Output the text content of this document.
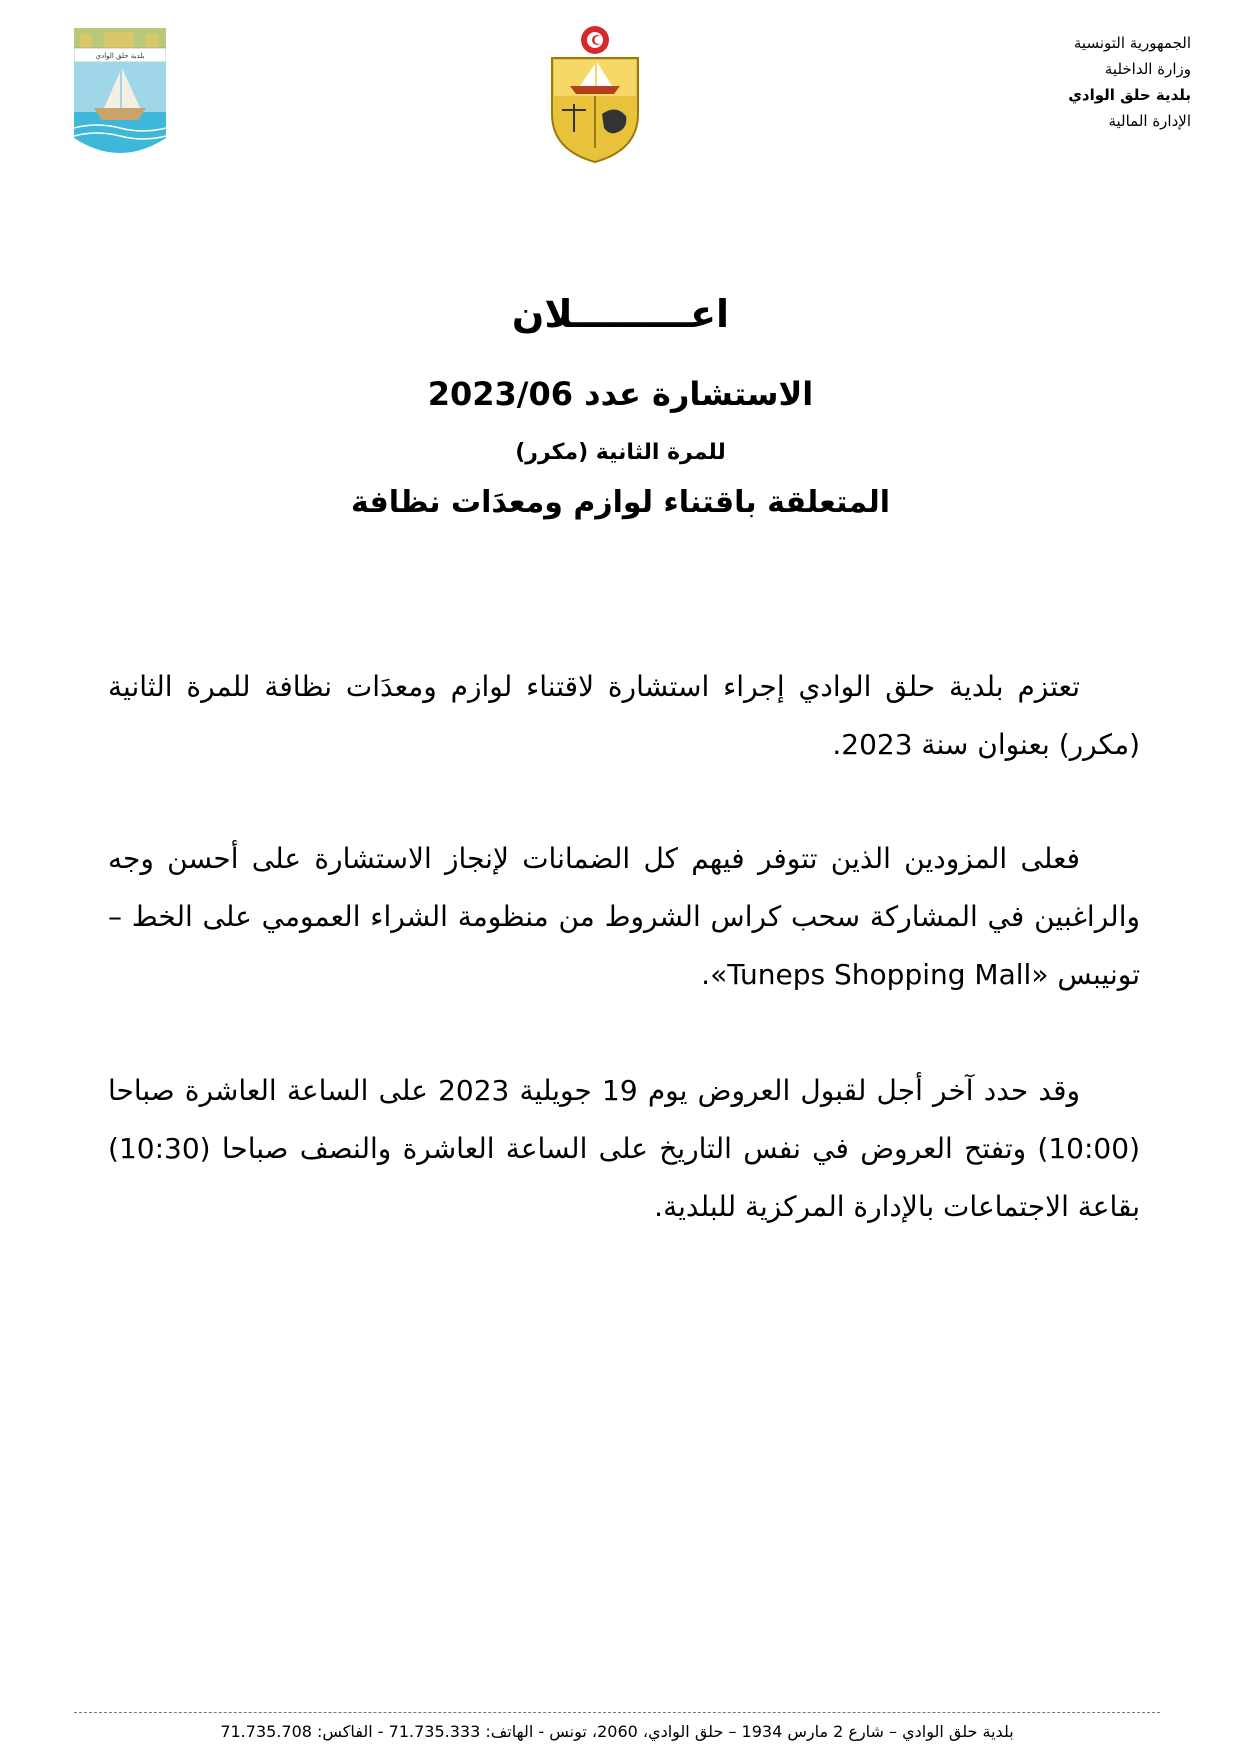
الجمهورية التونسية
وزارة الداخلية
بلدية حلق الوادي
الإدارة المالية
بلدية حلق الوادي
اعـــــــــلان
الاستشارة عدد 2023/06
للمرة الثانية (مكرر)
المتعلقة باقتناء لوازم ومعدَات نظافة
تعتزم بلدية حلق الوادي إجراء استشارة لاقتناء لوازم ومعدَات نظافة للمرة الثانية (مكرر) بعنوان سنة 2023.
فعلى المزودين الذين تتوفر فيهم كل الضمانات لإنجاز الاستشارة على أحسن وجه والراغبين في المشاركة سحب كراس الشروط من منظومة الشراء العمومي على الخط – تونيبس «Tuneps Shopping Mall».
وقد حدد آخر أجل لقبول العروض يوم 19 جويلية 2023 على الساعة العاشرة صباحا (10:00) وتفتح العروض في نفس التاريخ على الساعة العاشرة والنصف صباحا (10:30) بقاعة الاجتماعات بالإدارة المركزية للبلدية.
بلدية حلق الوادي – شارع 2 مارس 1934 – حلق الوادي، 2060، تونس - الهاتف: 71.735.333 - الفاكس: 71.735.708
